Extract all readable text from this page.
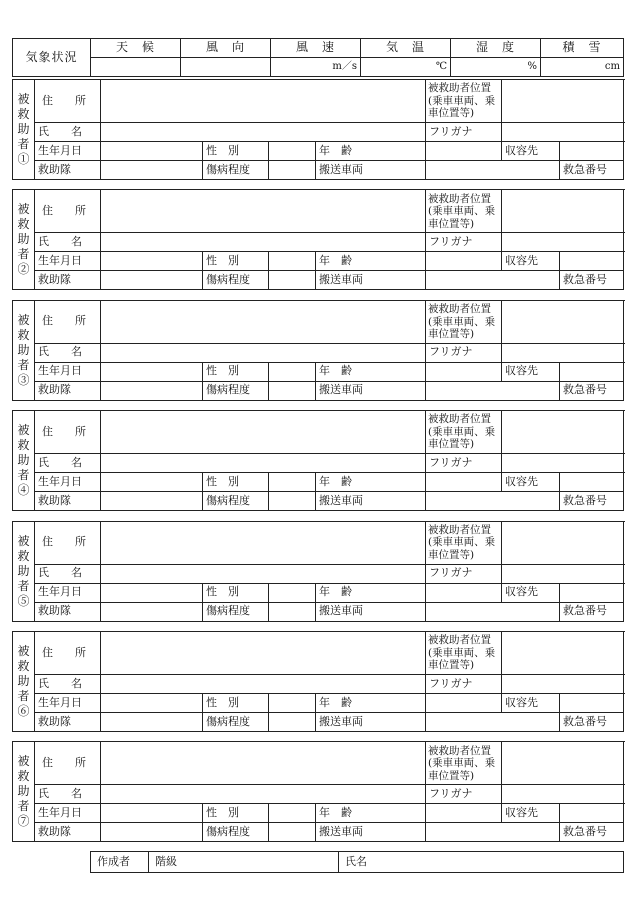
気象状況	天　候	風　向	風　速	気　温	湿　度	積　雪
			m／s	℃	%	cm
被救助者①	住　　所					被救助者位置(乗車車両、乗車位置等)			
	氏　　名					フリガナ			
	生年月日		性　別		年　齢		収容先		
	救助隊		傷病程度		搬送車両			救急番号	
被救助者②	住　　所					被救助者位置(乗車車両、乗車位置等)			
	氏　　名					フリガナ			
	生年月日		性　別		年　齢		収容先		
	救助隊		傷病程度		搬送車両			救急番号	
被救助者③	住　　所					被救助者位置(乗車車両、乗車位置等)			
	氏　　名					フリガナ			
	生年月日		性　別		年　齢		収容先		
	救助隊		傷病程度		搬送車両			救急番号	
被救助者④	住　　所					被救助者位置(乗車車両、乗車位置等)			
	氏　　名					フリガナ			
	生年月日		性　別		年　齢		収容先		
	救助隊		傷病程度		搬送車両			救急番号	
被救助者⑤	住　　所					被救助者位置(乗車車両、乗車位置等)			
	氏　　名					フリガナ			
	生年月日		性　別		年　齢		収容先		
	救助隊		傷病程度		搬送車両			救急番号	
被救助者⑥	住　　所					被救助者位置(乗車車両、乗車位置等)			
	氏　　名					フリガナ			
	生年月日		性　別		年　齢		収容先		
	救助隊		傷病程度		搬送車両			救急番号	
被救助者⑦	住　　所					被救助者位置(乗車車両、乗車位置等)			
	氏　　名					フリガナ			
	生年月日		性　別		年　齢		収容先		
	救助隊		傷病程度		搬送車両			救急番号	
作成者	階級	氏名
